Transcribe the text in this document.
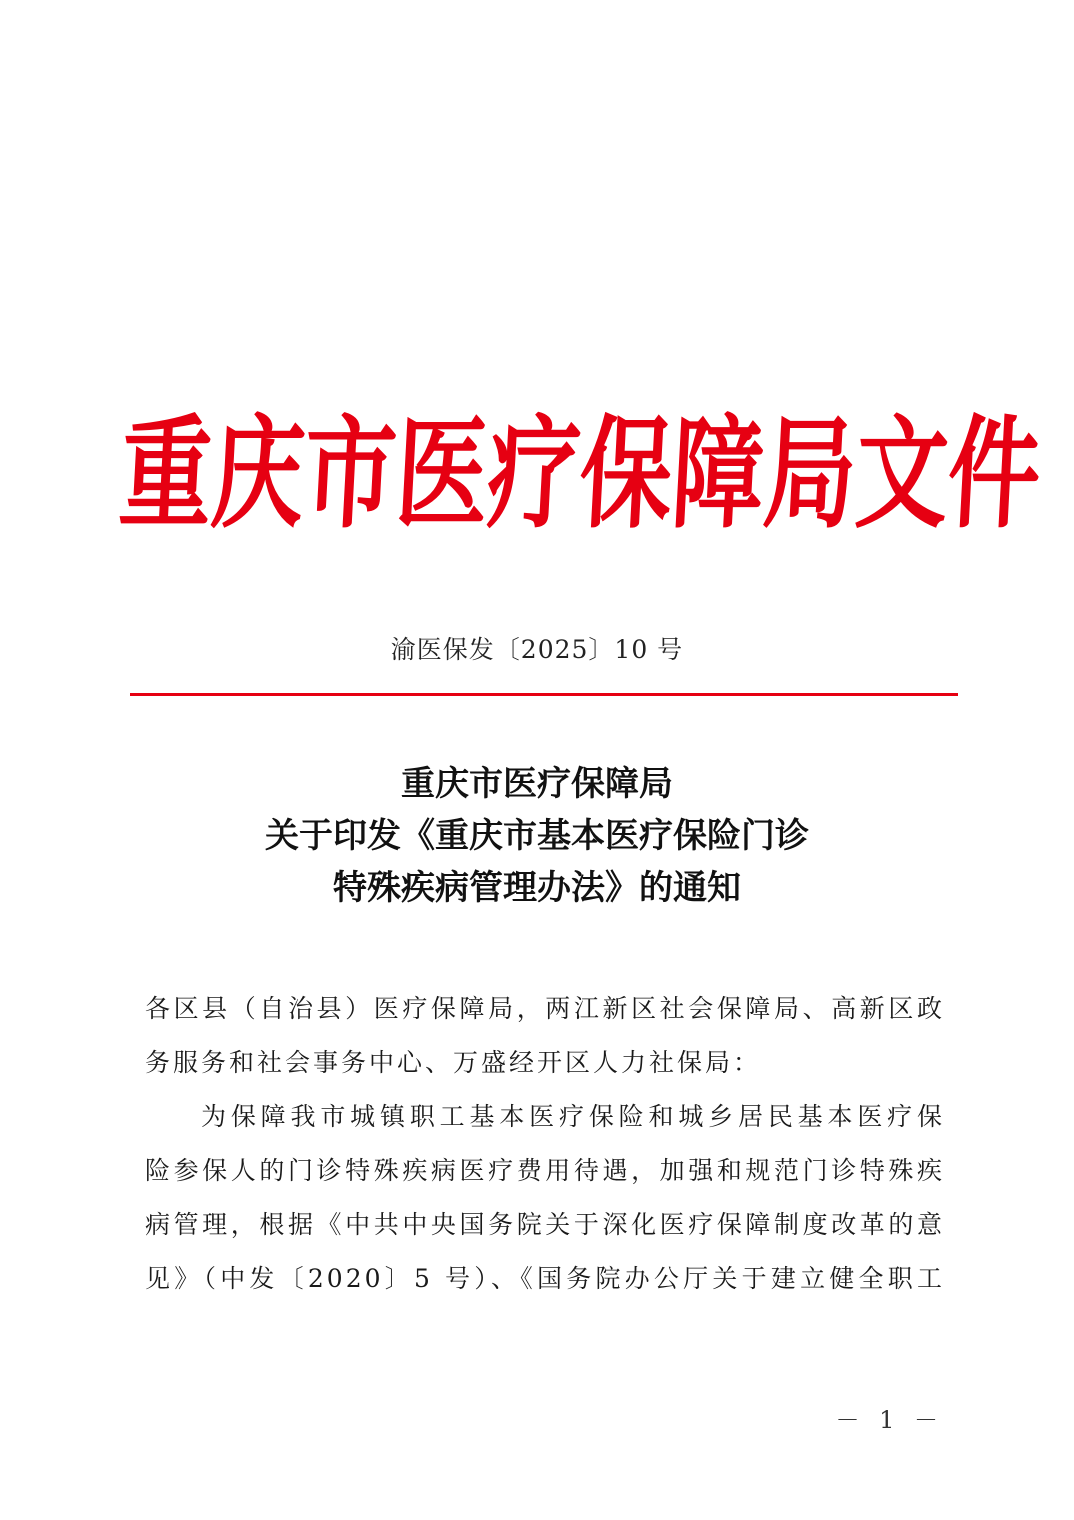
重
庆
市
医
疗
保
障
局
文
件
渝医保发〔2025〕10 号
重庆市医疗保障局
关于印发《重庆市基本医疗保险门诊
特殊疾病管理办法》的通知
各区县（自治县）医疗保障局，两江新区社会保障局、高新区政
务服务和社会事务中心、万盛经开区人力社保局：
为保障我市城镇职工基本医疗保险和城乡居民基本医疗保
险参保人的门诊特殊疾病医疗费用待遇，加强和规范门诊特殊疾
病管理，根据《中共中央国务院关于深化医疗保障制度改革的意
见》（中发〔2020〕5 号）、《国务院办公厅关于建立健全职工
－ 1 －
